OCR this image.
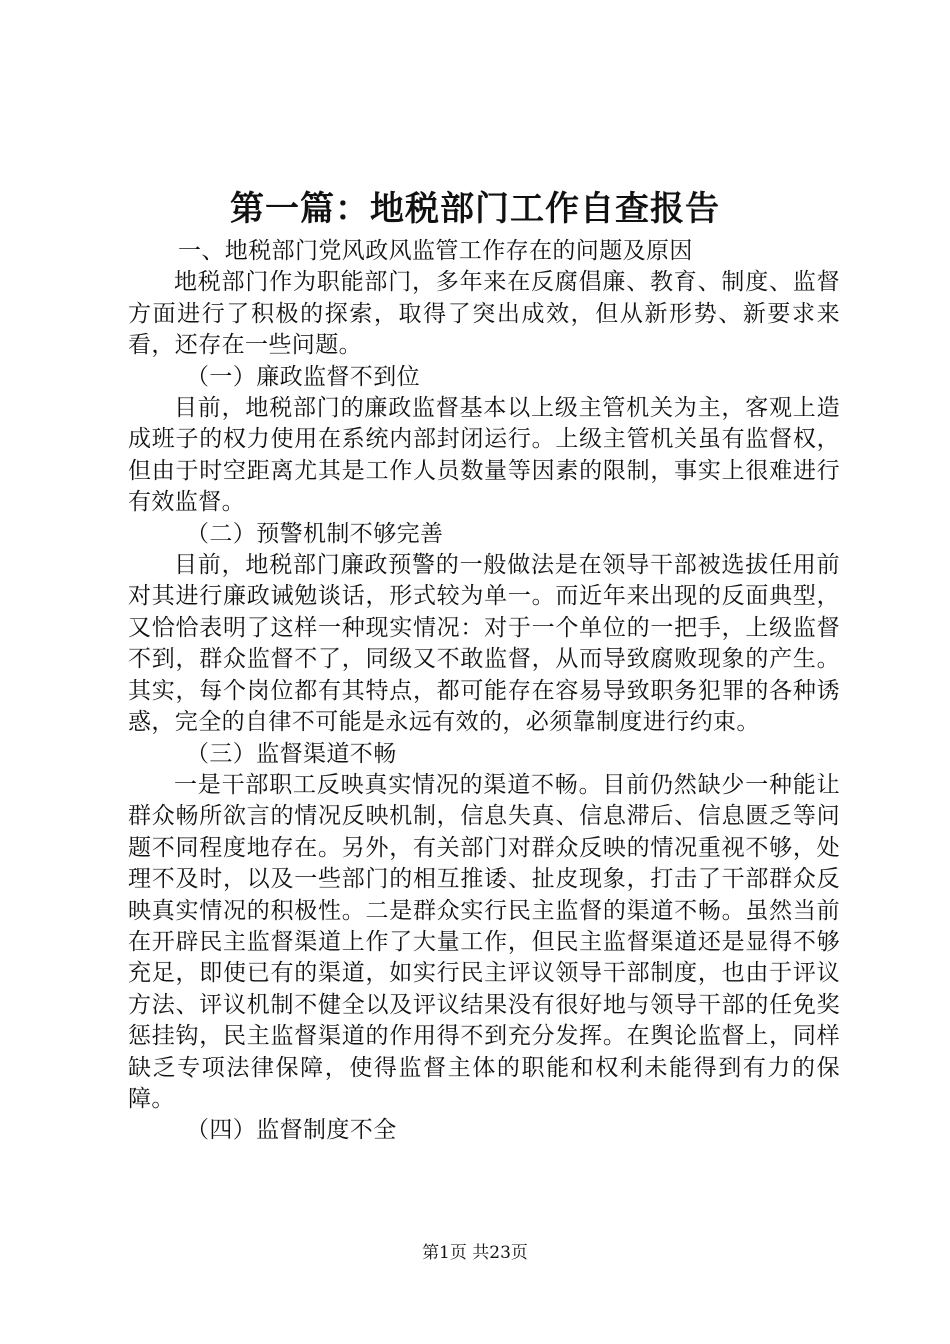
第一篇：地税部门工作自查报告
一、地税部门党风政风监管工作存在的问题及原因
地税部门作为职能部门，多年来在反腐倡廉、教育、制度、监督方面进行了积极的探索，取得了突出成效，但从新形势、新要求来看，还存在一些问题。
（一）廉政监督不到位
目前，地税部门的廉政监督基本以上级主管机关为主，客观上造成班子的权力使用在系统内部封闭运行。上级主管机关虽有监督权，但由于时空距离尤其是工作人员数量等因素的限制，事实上很难进行有效监督。
（二）预警机制不够完善
目前，地税部门廉政预警的一般做法是在领导干部被选拔任用前对其进行廉政诫勉谈话，形式较为单一。而近年来出现的反面典型，又恰恰表明了这样一种现实情况：对于一个单位的一把手，上级监督不到，群众监督不了，同级又不敢监督，从而导致腐败现象的产生。其实，每个岗位都有其特点，都可能存在容易导致职务犯罪的各种诱惑，完全的自律不可能是永远有效的，必须靠制度进行约束。
（三）监督渠道不畅
一是干部职工反映真实情况的渠道不畅。目前仍然缺少一种能让群众畅所欲言的情况反映机制，信息失真、信息滞后、信息匮乏等问题不同程度地存在。另外，有关部门对群众反映的情况重视不够，处理不及时，以及一些部门的相互推诿、扯皮现象，打击了干部群众反映真实情况的积极性。二是群众实行民主监督的渠道不畅。虽然当前在开辟民主监督渠道上作了大量工作，但民主监督渠道还是显得不够充足，即使已有的渠道，如实行民主评议领导干部制度，也由于评议方法、评议机制不健全以及评议结果没有很好地与领导干部的任免奖惩挂钩，民主监督渠道的作用得不到充分发挥。在舆论监督上，同样缺乏专项法律保障，使得监督主体的职能和权利未能得到有力的保障。
（四）监督制度不全
第1页 共23页
